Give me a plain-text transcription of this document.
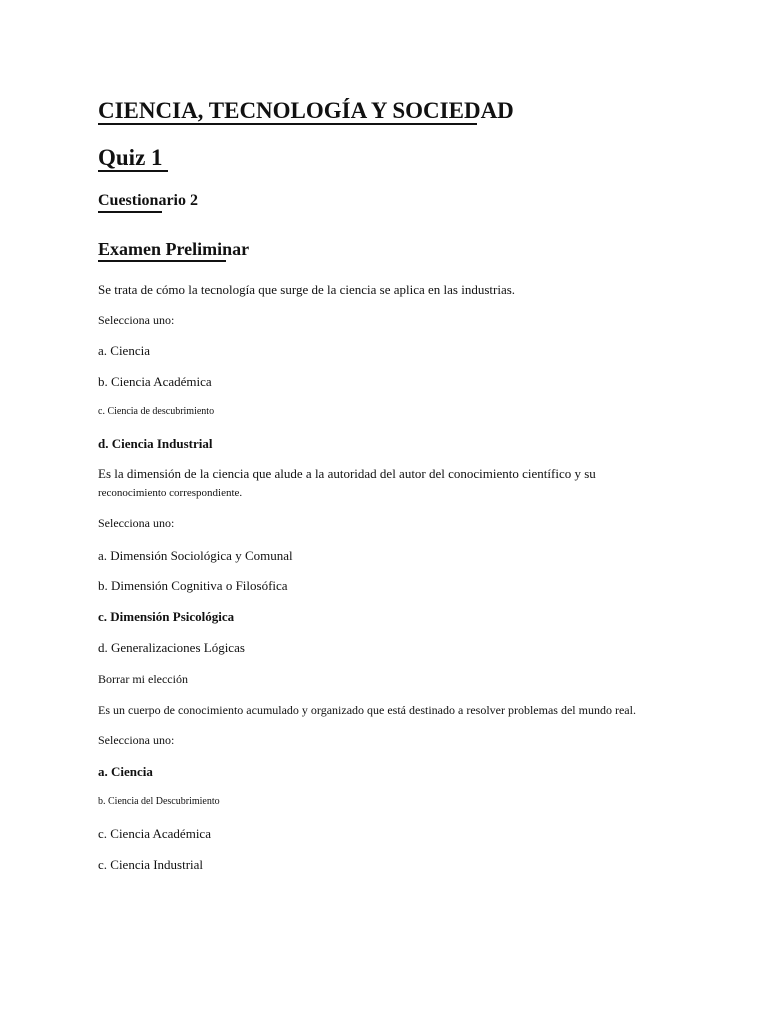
CIENCIA, TECNOLOGÍA Y SOCIEDAD
Quiz 1
Cuestionario 2
Examen Preliminar
Se trata de cómo la tecnología que surge de la ciencia se aplica en las industrias.
Selecciona uno:
a. Ciencia
b. Ciencia Académica
c. Ciencia de descubrimiento
d. Ciencia Industrial
Es la dimensión de la ciencia que alude a la autoridad del autor del conocimiento científico y su
reconocimiento correspondiente.
Selecciona uno:
a. Dimensión Sociológica y Comunal
b. Dimensión Cognitiva o Filosófica
c. Dimensión Psicológica
d. Generalizaciones Lógicas
Borrar mi elección
Es un cuerpo de conocimiento acumulado y organizado que está destinado a resolver problemas del mundo real.
Selecciona uno:
a. Ciencia
b. Ciencia del Descubrimiento
c. Ciencia Académica
c. Ciencia Industrial
